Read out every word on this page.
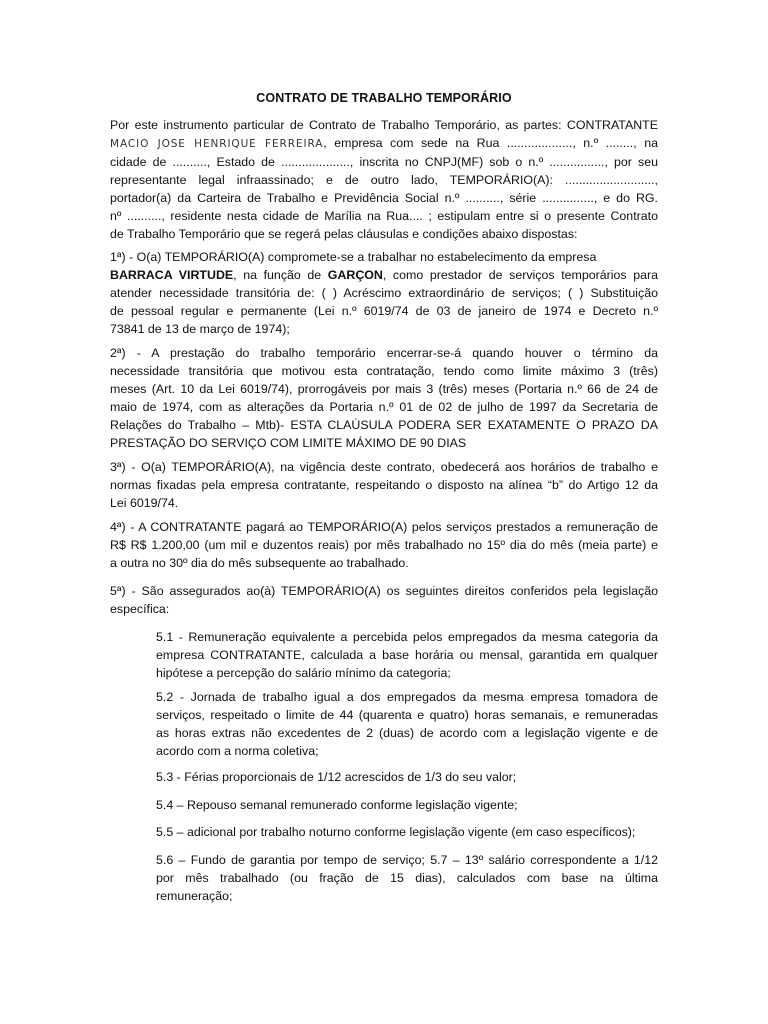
CONTRATO DE TRABALHO TEMPORÁRIO
Por este instrumento particular de Contrato de Trabalho Temporário, as partes: CONTRATANTE
MACIO JOSE HENRIQUE FERREIRA, empresa com sede na Rua ..................., n.º ........, na
cidade de .........., Estado de ...................., inscrita no CNPJ(MF) sob o n.º ................, por seu
representante legal infraassinado; e de outro lado, TEMPORÁRIO(A): ..........................,
portador(a) da Carteira de Trabalho e Previdência Social n.º .........., série ..............., e do RG.
nº .........., residente nesta cidade de Marília na Rua.... ; estipulam entre si o presente Contrato
de Trabalho Temporário que se regerá pelas cláusulas e condições abaixo dispostas:
1ª) - O(a) TEMPORÁRIO(A) compromete-se a trabalhar no estabelecimento da empresa
BARRACA VIRTUDE, na função de GARÇON, como prestador de serviços temporários para
atender necessidade transitória de: ( ) Acréscimo extraordinário de serviços; ( ) Substituição
de pessoal regular e permanente (Lei n.º 6019/74 de 03 de janeiro de 1974 e Decreto n.º
73841 de 13 de março de 1974);
2ª) - A prestação do trabalho temporário encerrar-se-á quando houver o término da
necessidade transitória que motivou esta contratação, tendo como limite máximo 3 (três)
meses (Art. 10 da Lei 6019/74), prorrogáveis por mais 3 (três) meses (Portaria n.º 66 de 24 de
maio de 1974, com as alterações da Portaria n.º 01 de 02 de julho de 1997 da Secretaria de
Relações do Trabalho – Mtb)- ESTA CLAÚSULA PODERA SER EXATAMENTE O PRAZO DA
PRESTAÇÃO DO SERVIÇO COM LIMITE MÁXIMO DE 90 DIAS
3ª) - O(a) TEMPORÁRIO(A), na vigência deste contrato, obedecerá aos horários de trabalho e
normas fixadas pela empresa contratante, respeitando o disposto na alínea “b” do Artigo 12 da
Lei 6019/74.
4ª) - A CONTRATANTE pagará ao TEMPORÁRIO(A) pelos serviços prestados a remuneração de
R$ R$ 1.200,00 (um mil e duzentos reais) por mês trabalhado no 15º dia do mês (meia parte) e
a outra no 30º dia do mês subsequente ao trabalhado.
5ª) - São assegurados ao(à) TEMPORÁRIO(A) os seguintes direitos conferidos pela legislação
específica:
5.1 - Remuneração equivalente a percebida pelos empregados da mesma categoria da
empresa CONTRATANTE, calculada a base horária ou mensal, garantida em qualquer
hipótese a percepção do salário mínimo da categoria;
5.2 - Jornada de trabalho igual a dos empregados da mesma empresa tomadora de
serviços, respeitado o limite de 44 (quarenta e quatro) horas semanais, e remuneradas
as horas extras não excedentes de 2 (duas) de acordo com a legislação vigente e de
acordo com a norma coletiva;
5.3 - Férias proporcionais de 1/12 acrescidos de 1/3 do seu valor;
5.4 – Repouso semanal remunerado conforme legislação vigente;
5.5 – adicional por trabalho noturno conforme legislação vigente (em caso específicos);
5.6 – Fundo de garantia por tempo de serviço; 5.7 – 13º salário correspondente a 1/12
por mês trabalhado (ou fração de 15 dias), calculados com base na última
remuneração;
